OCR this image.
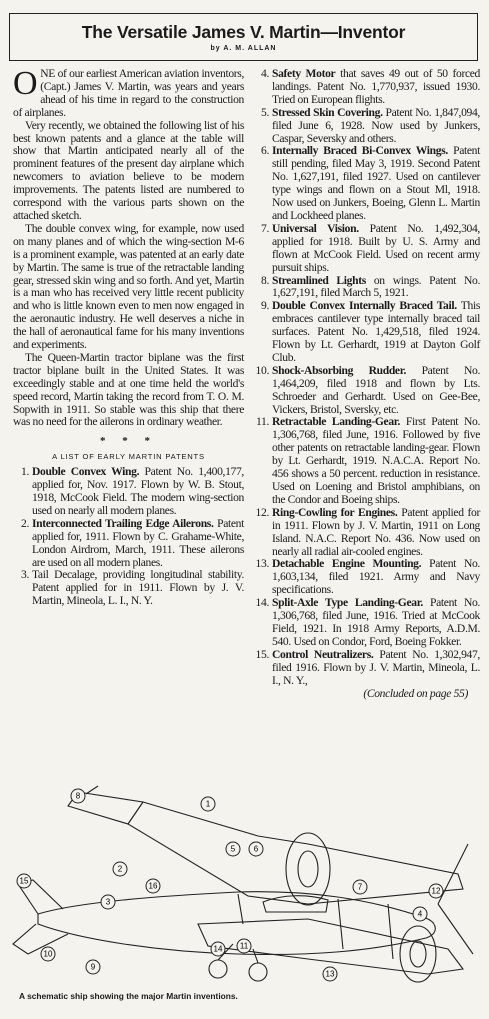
The Versatile James V. Martin—Inventor
by A. M. ALLAN

ONE of our earliest American aviation inventors, (Capt.) James V. Martin, was years and years ahead of his time in regard to the construction of airplanes.

Very recently, we obtained the following list of his best known patents and a glance at the table will show that Martin anticipated nearly all of the prominent features of the present day airplane which newcomers to aviation believe to be modern improvements. The patents listed are numbered to correspond with the various parts shown on the attached sketch.

The double convex wing, for example, now used on many planes and of which the wing-section M-6 is a prominent example, was patented at an early date by Martin. The same is true of the retractable landing gear, stressed skin wing and so forth. And yet, Martin is a man who has received very little recent publicity and who is little known even to men now engaged in the aeronautic industry. He well deserves a niche in the hall of aeronautical fame for his many inventions and experiments.

The Queen-Martin tractor biplane was the first tractor biplane built in the United States. It was exceedingly stable and at one time held the world's speed record, Martin taking the record from T. O. M. Sopwith in 1911. So stable was this ship that there was no need for the ailerons in ordinary weather.

* * *
A LIST OF EARLY MARTIN PATENTS
1. Double Convex Wing. Patent No. 1,400,177, applied for, Nov. 1917. Flown by W. B. Stout, 1918, McCook Field. The modern wing-section used on nearly all modern planes.
2. Interconnected Trailing Edge Ailerons. Patent applied for, 1911. Flown by C. Grahame-White, London Airdrom, March, 1911. These ailerons are used on all modern planes.
3. Tail Decalage, providing longitudinal stability. Patent applied for in 1911. Flown by J. V. Martin, Mineola, L. I., N. Y.
4. Safety Motor that saves 49 out of 50 forced landings. Patent No. 1,770,937, issued 1930. Tried on European flights.
5. Stressed Skin Covering. Patent No. 1,847,094, filed June 6, 1928. Now used by Junkers, Caspar, Seversky and others.
6. Internally Braced Bi-Convex Wings. Patent still pending, filed May 3, 1919. Second Patent No. 1,627,191, filed 1927. Used on cantilever type wings and flown on a Stout Ml, 1918. Now used on Junkers, Boeing, Glenn L. Martin and Lockheed planes.
7. Universal Vision. Patent No. 1,492,304, applied for 1918. Built by U. S. Army and flown at McCook Field. Used on recent army pursuit ships.
8. Streamlined Lights on wings. Patent No. 1,627,191, filed March 5, 1921.
9. Double Convex Internally Braced Tail. This embraces cantilever type internally braced tail surfaces. Patent No. 1,429,518, filed 1924. Flown by Lt. Gerhardt, 1919 at Dayton Golf Club.
10. Shock-Absorbing Rudder. Patent No. 1,464,209, filed 1918 and flown by Lts. Schroeder and Gerhardt. Used on Gee-Bee, Vickers, Bristol, Sversky, etc.
11. Retractable Landing-Gear. First Patent No. 1,306,768, filed June, 1916. Followed by five other patents on retractable landing-gear. Flown by Lt. Gerhardt, 1919. N.A.C.A. Report No. 456 shows a 50 percent. reduction in resistance. Used on Loening and Bristol amphibians, on the Condor and Boeing ships.
12. Ring-Cowling for Engines. Patent applied for in 1911. Flown by J. V. Martin, 1911 on Long Island. N.A.C. Report No. 436. Now used on nearly all radial air-cooled engines.
13. Detachable Engine Mounting. Patent No. 1,603,134, filed 1921. Army and Navy specifications.
14. Split-Axle Type Landing-Gear. Patent No. 1,306,768, filed June, 1916. Tried at McCook Field, 1921. In 1918 Army Reports, A.D.M. 540. Used on Condor, Ford, Boeing Fokker.
15. Control Neutralizers. Patent No. 1,302,947, filed 1916. Flown by J. V. Martin, Mineola, L. I., N. Y.,
(Concluded on page 55)
1
2
3
4
5 6
7
8
9
10
11
12
13
14
15
16
A schematic ship showing the major Martin inventions.
